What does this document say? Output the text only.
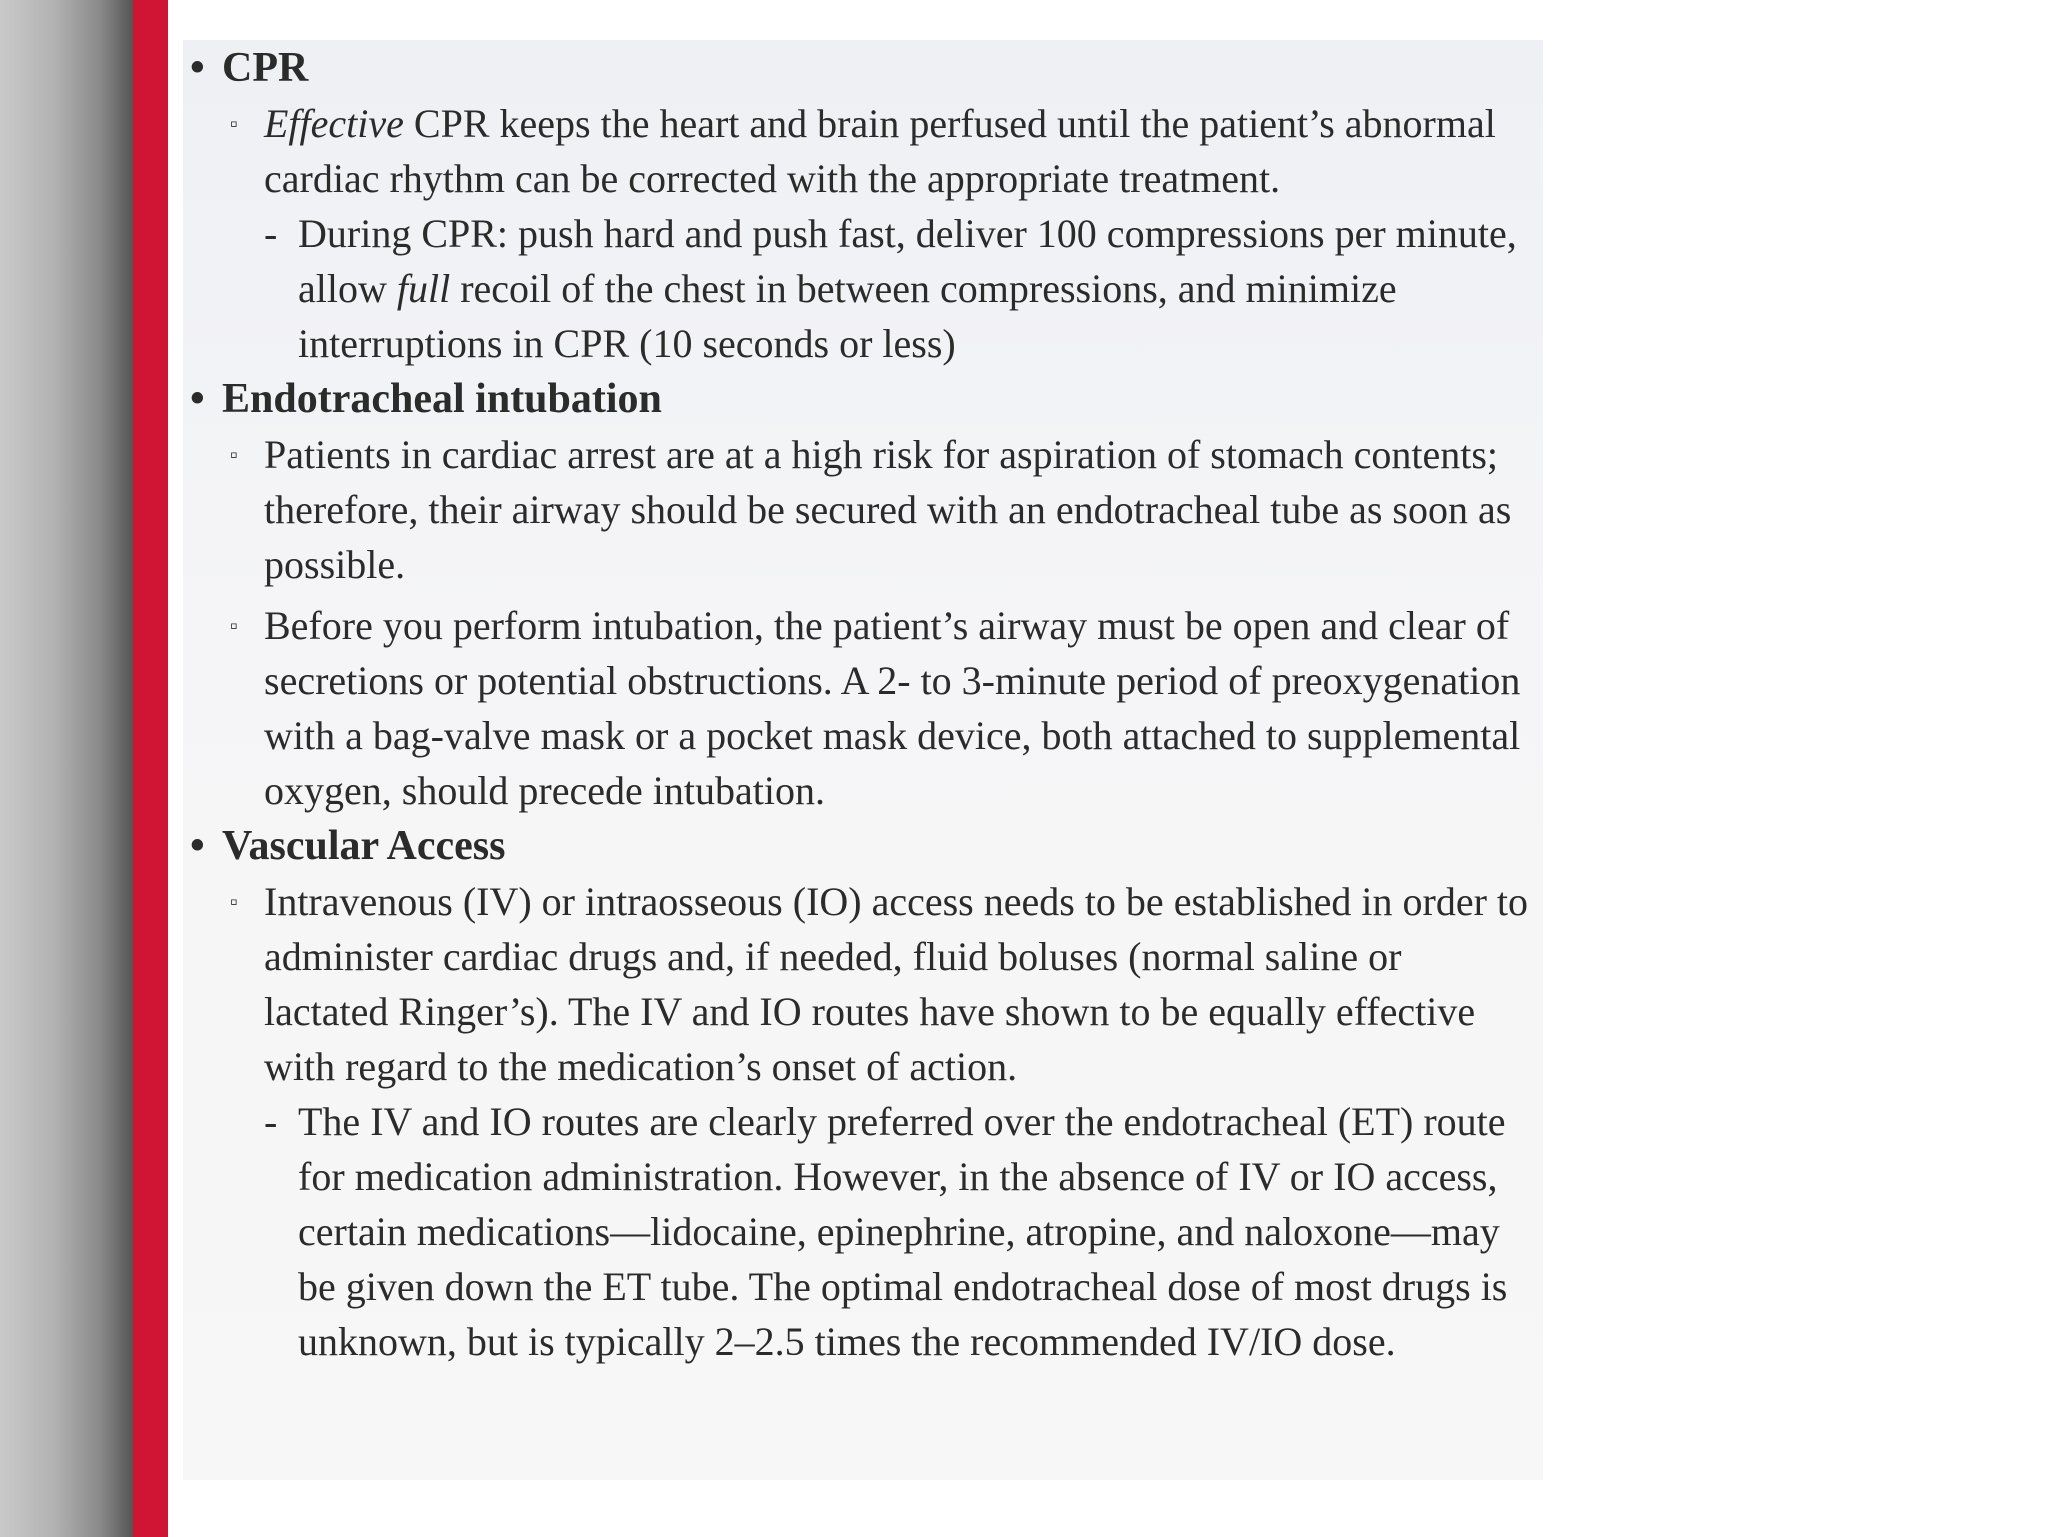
• CPR
▫ Effective CPR keeps the heart and brain perfused until the patient’s abnormal cardiac rhythm can be corrected with the appropriate treatment.
- During CPR: push hard and push fast, deliver 100 compressions per minute, allow full recoil of the chest in between compressions, and minimize interruptions in CPR (10 seconds or less)
• Endotracheal intubation
▫ Patients in cardiac arrest are at a high risk for aspiration of stomach contents; therefore, their airway should be secured with an endotracheal tube as soon as possible.
▫ Before you perform intubation, the patient’s airway must be open and clear of secretions or potential obstructions. A 2- to 3-minute period of preoxygenation with a bag-valve mask or a pocket mask device, both attached to supplemental oxygen, should precede intubation.
• Vascular Access
▫ Intravenous (IV) or intraosseous (IO) access needs to be established in order to administer cardiac drugs and, if needed, fluid boluses (normal saline or lactated Ringer’s). The IV and IO routes have shown to be equally effective with regard to the medication’s onset of action.
- The IV and IO routes are clearly preferred over the endotracheal (ET) route for medication administration. However, in the absence of IV or IO access, certain medications—lidocaine, epinephrine, atropine, and naloxone—may be given down the ET tube. The optimal endotracheal dose of most drugs is unknown, but is typically 2–2.5 times the recommended IV/IO dose.
